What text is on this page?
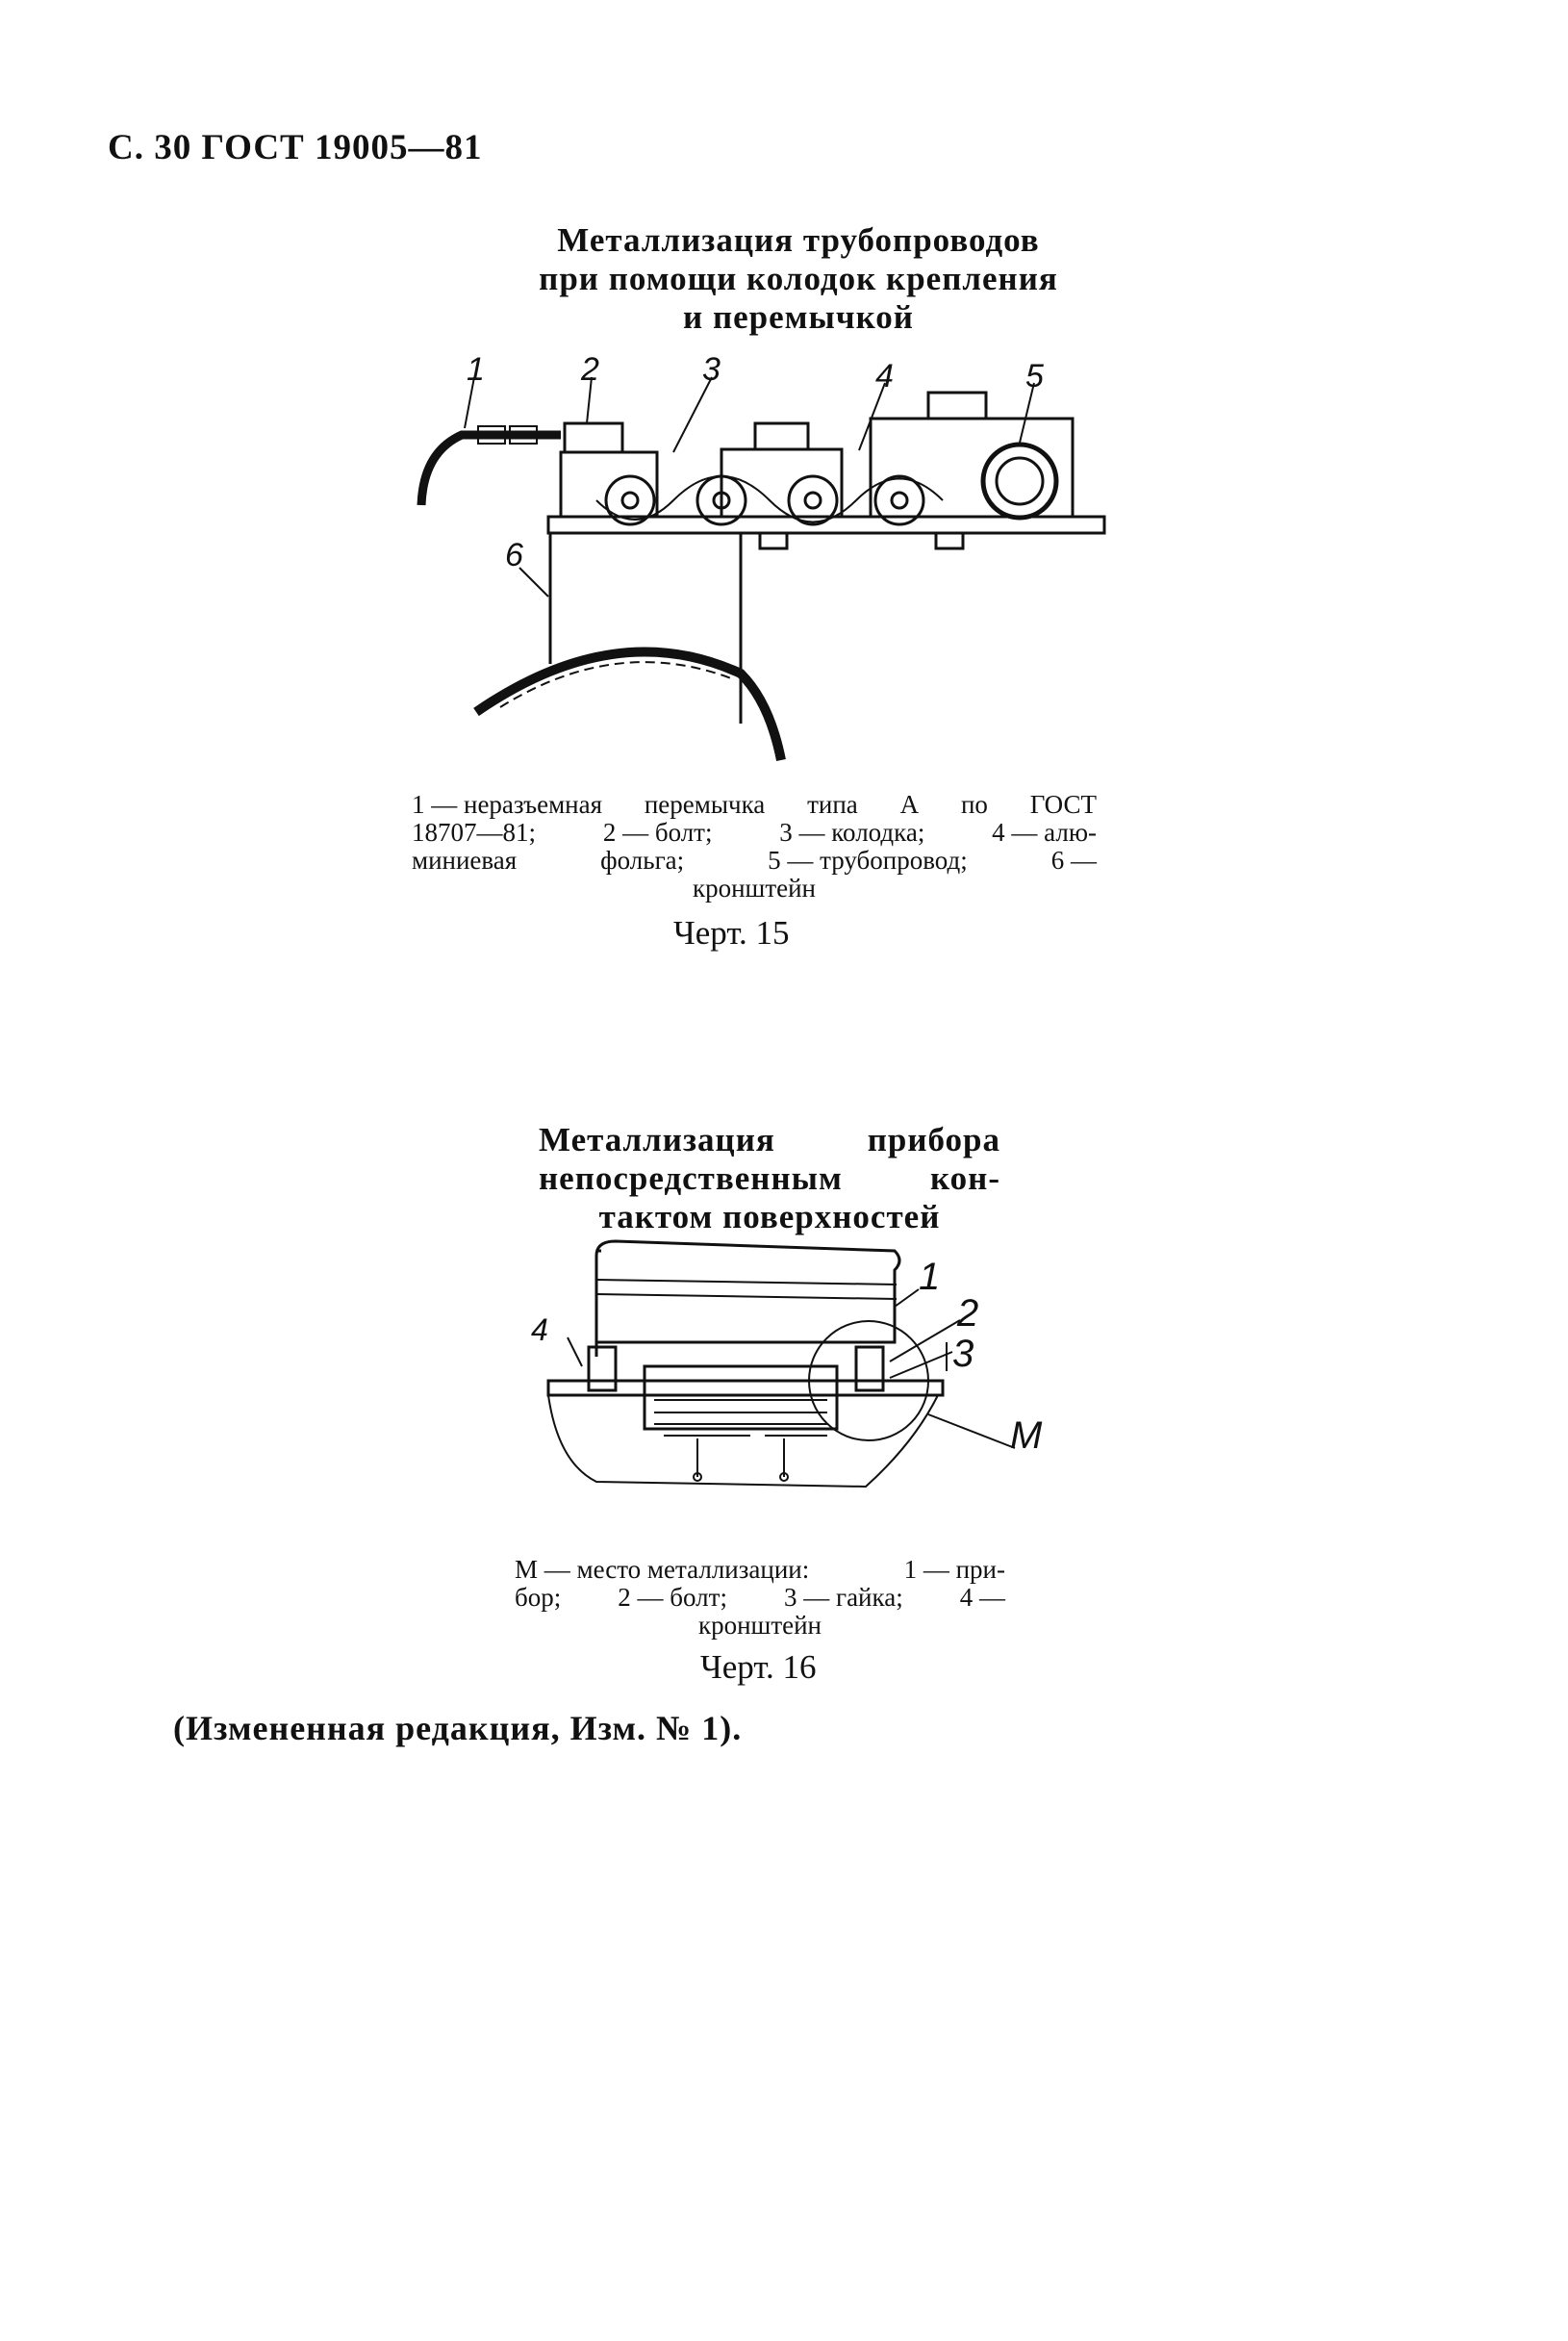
С. 30 ГОСТ 19005—81
Металлизация трубопроводов
при помощи колодок крепления
и перемычкой
1	2	3	4	5
6
1 — неразъемная перемычка типа А по ГОСТ
18707—81;	2 — болт;	3 — колодка;	4 — алю-
миниевая	фольга;	5 — трубопровод;	6 —
кронштейн
Черт. 15
Металлизация	прибора
непосредственным	кон-
тактом поверхностей
1
2
3
4
M
M — место металлизации:	1 — при-
бор; 2 — болт; 3 — гайка; 4 —
кронштейн
Черт. 16
(Измененная редакция, Изм. № 1).
